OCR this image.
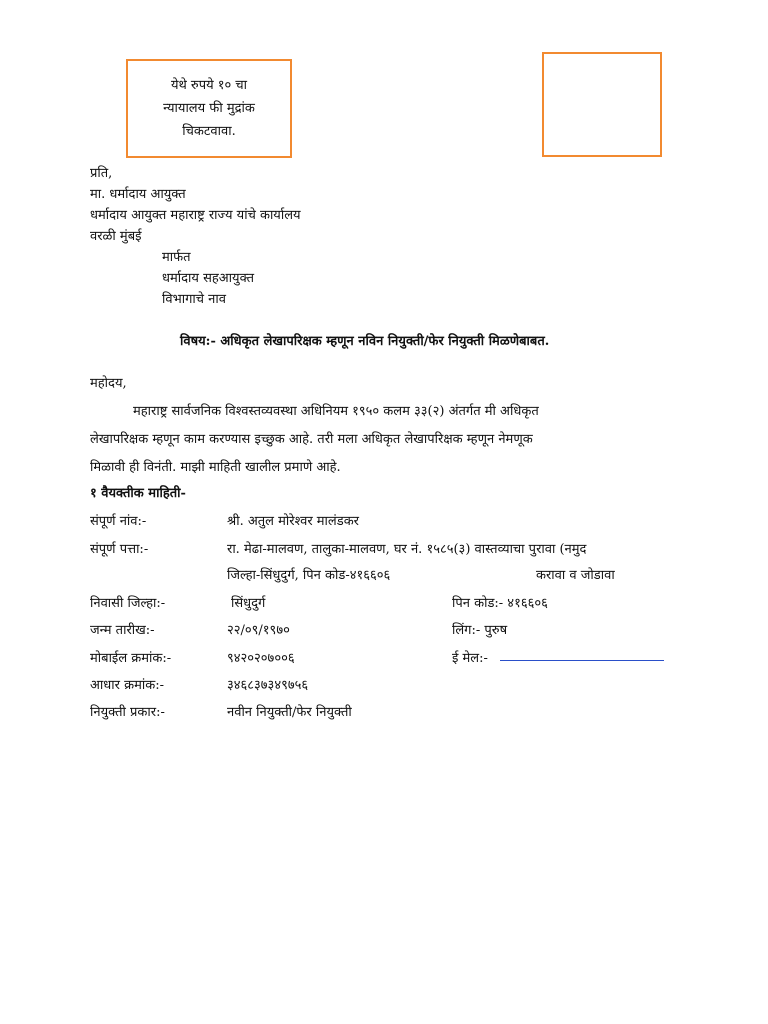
येथे रुपये १० चा
न्यायालय फी मुद्रांक
चिकटवावा.
प्रति,
मा. धर्मादाय आयुक्त
धर्मादाय आयुक्त महाराष्ट्र राज्य यांचे कार्यालय
वरळी मुंबई
मार्फत
धर्मादाय सहआयुक्त
विभागाचे नाव
विषय:- अधिकृत लेखापरिक्षक म्हणून नविन नियुक्ती/फेर नियुक्ती मिळणेबाबत.
महोदय,
महाराष्ट्र सार्वजनिक विश्वस्तव्यवस्था अधिनियम १९५० कलम ३३(२) अंतर्गत मी अधिकृत
लेखापरिक्षक म्हणून काम करण्यास इच्छुक आहे. तरी मला अधिकृत लेखापरिक्षक म्हणून नेमणूक
मिळावी ही विनंती. माझी माहिती खालील प्रमाणे आहे.
१ वैयक्तीक माहिती-
संपूर्ण नांव:-	श्री. अतुल मोरेश्वर मालंडकर
संपूर्ण पत्ता:-	रा. मेढा-मालवण, तालुका-मालवण, घर नं. १५८५(३) वास्तव्याचा पुरावा (नमुद
जिल्हा-सिंधुदुर्ग, पिन कोड-४१६६०६	करावा व जोडावा
निवासी जिल्हा:-	सिंधुदुर्ग	पिन कोड:- ४१६६०६
जन्म तारीख:-	२२/०९/१९७०	लिंग:- पुरुष
मोबाईल क्रमांक:-	९४२०२०७००६	ई मेल:-
आधार क्रमांक:-	३४६८३७३४९७५६
नियुक्ती प्रकार:-	नवीन नियुक्ती/फेर नियुक्ती
